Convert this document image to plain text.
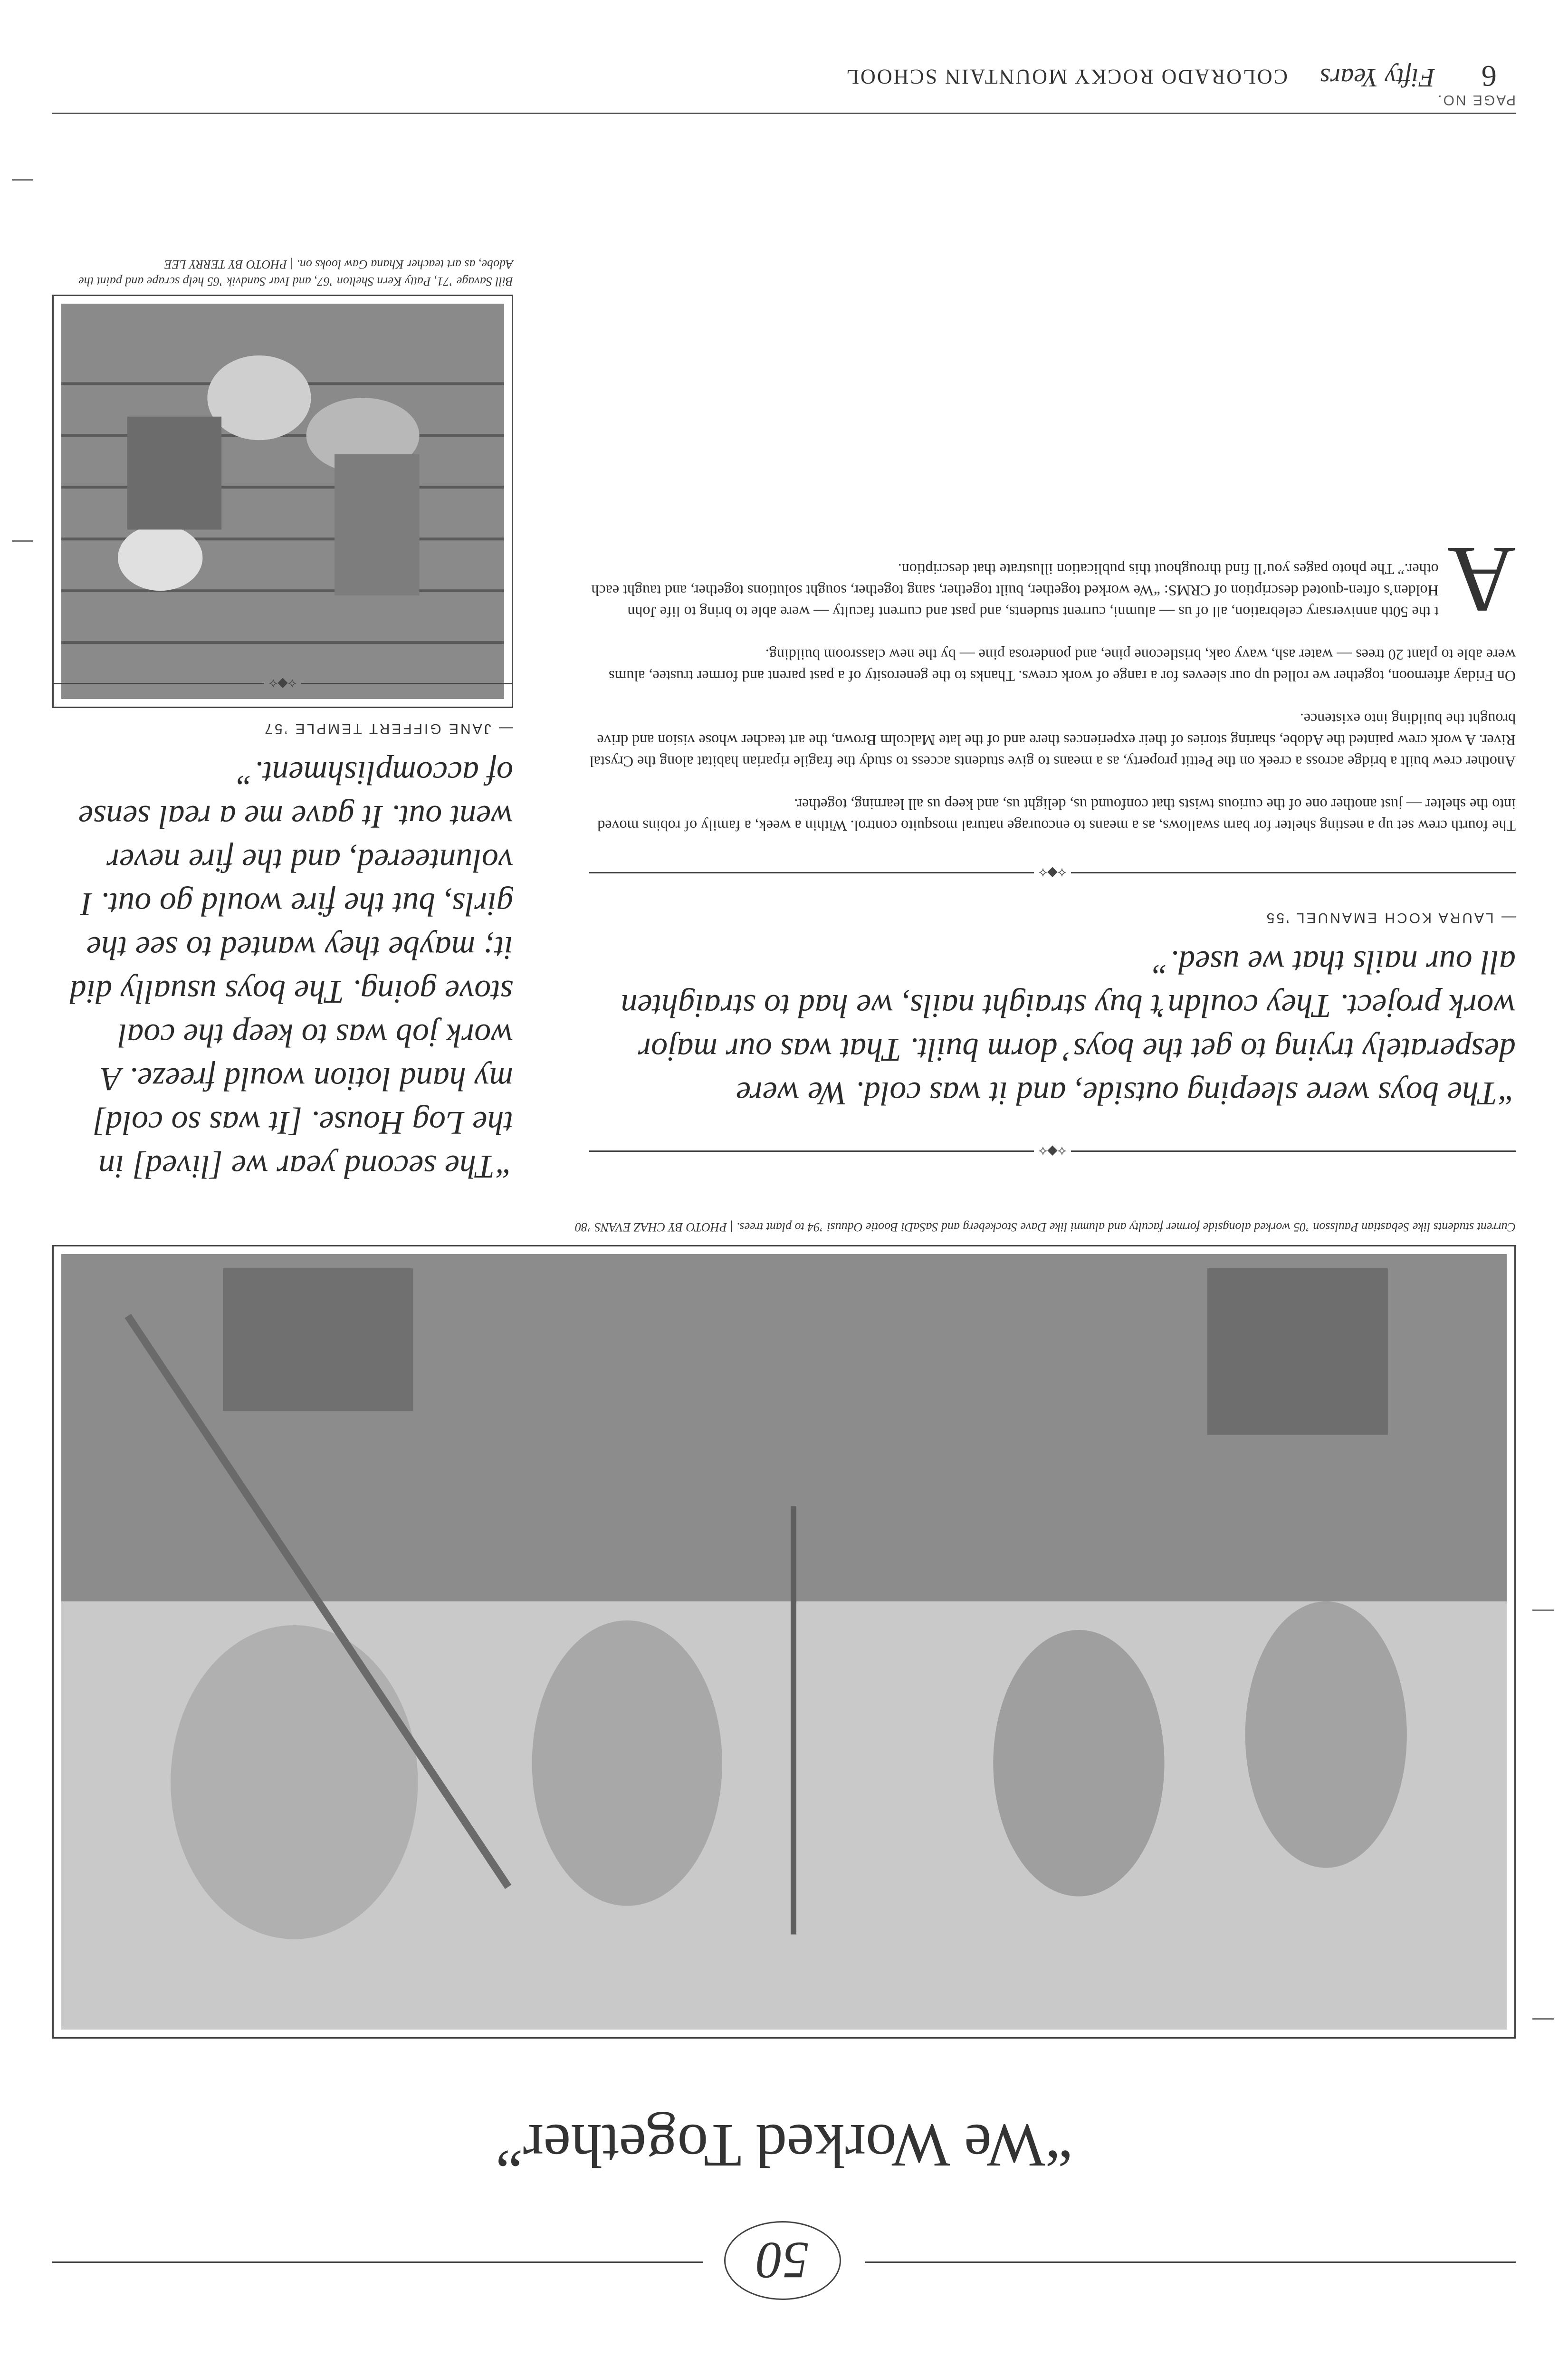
PAGE NO.
6
Fifty Years
COLORADO ROCKY MOUNTAIN SCHOOL
⟡◆⟡
“The boys were sleeping outside, and it was cold. We were desperately trying to get the boys’ dorm built. That was our major work project. They couldn’t buy straight nails, we had to straighten all our nails that we used.”
— LAURA KOCH EMANUEL ’55
⟡◆⟡

The fourth crew set up a nesting shelter for barn swallows, as a means to encourage natural mosquito control. Within a week, a family of robins moved into the shelter — just another one of the curious twists that confound us, delight us, and keep us all learning, together.

Another crew built a bridge across a creek on the Pettit property, as a means to give students access to study the fragile riparian habitat along the Crystal River. A work crew painted the Adobe, sharing stories of their experiences there and of the late Malcolm Brown, the art teacher whose vision and drive brought the building into existence.

On Friday afternoon, together we rolled up our sleeves for a range of work crews. Thanks to the generosity of a past parent and former trustee, alums were able to plant 20 trees — water ash, wavy oak, bristlecone pine, and ponderosa pine — by the new classroom building.

A
t the 50th anniversary celebration, all of us — alumni, current students, and past and current faculty — were able to bring to life John Holden’s often-quoted description of CRMS: “We worked together, built together, sang together, sought solutions together, and taught each other.” The photo pages you’ll find throughout this publication illustrate that description.

Bill Savage ’71, Patty Kern Shelton ’67, and Ivar Sandvik ’65 help scrape and paint the Adobe, as art teacher Khana Gaw looks on. | PHOTO BY TERRY LEE
“The second year we [lived] in the Log House. [It was so cold] my hand lotion would freeze. A work job was to keep the coal stove going. The boys usually did it; maybe they wanted to see the girls, but the fire would go out. I volunteered, and the fire never went out. It gave me a real sense of accomplishment.”
— JANE GIFFERT TEMPLE ’57
⟡◆⟡
Current students like Sebastian Paulsson ’05 worked alongside former faculty and alumni like Dave Stockeberg and SaSaDi Bootie Oduusi ’94 to plant trees. | PHOTO BY CHAZ EVANS ’80
“We Worked Together”
50
